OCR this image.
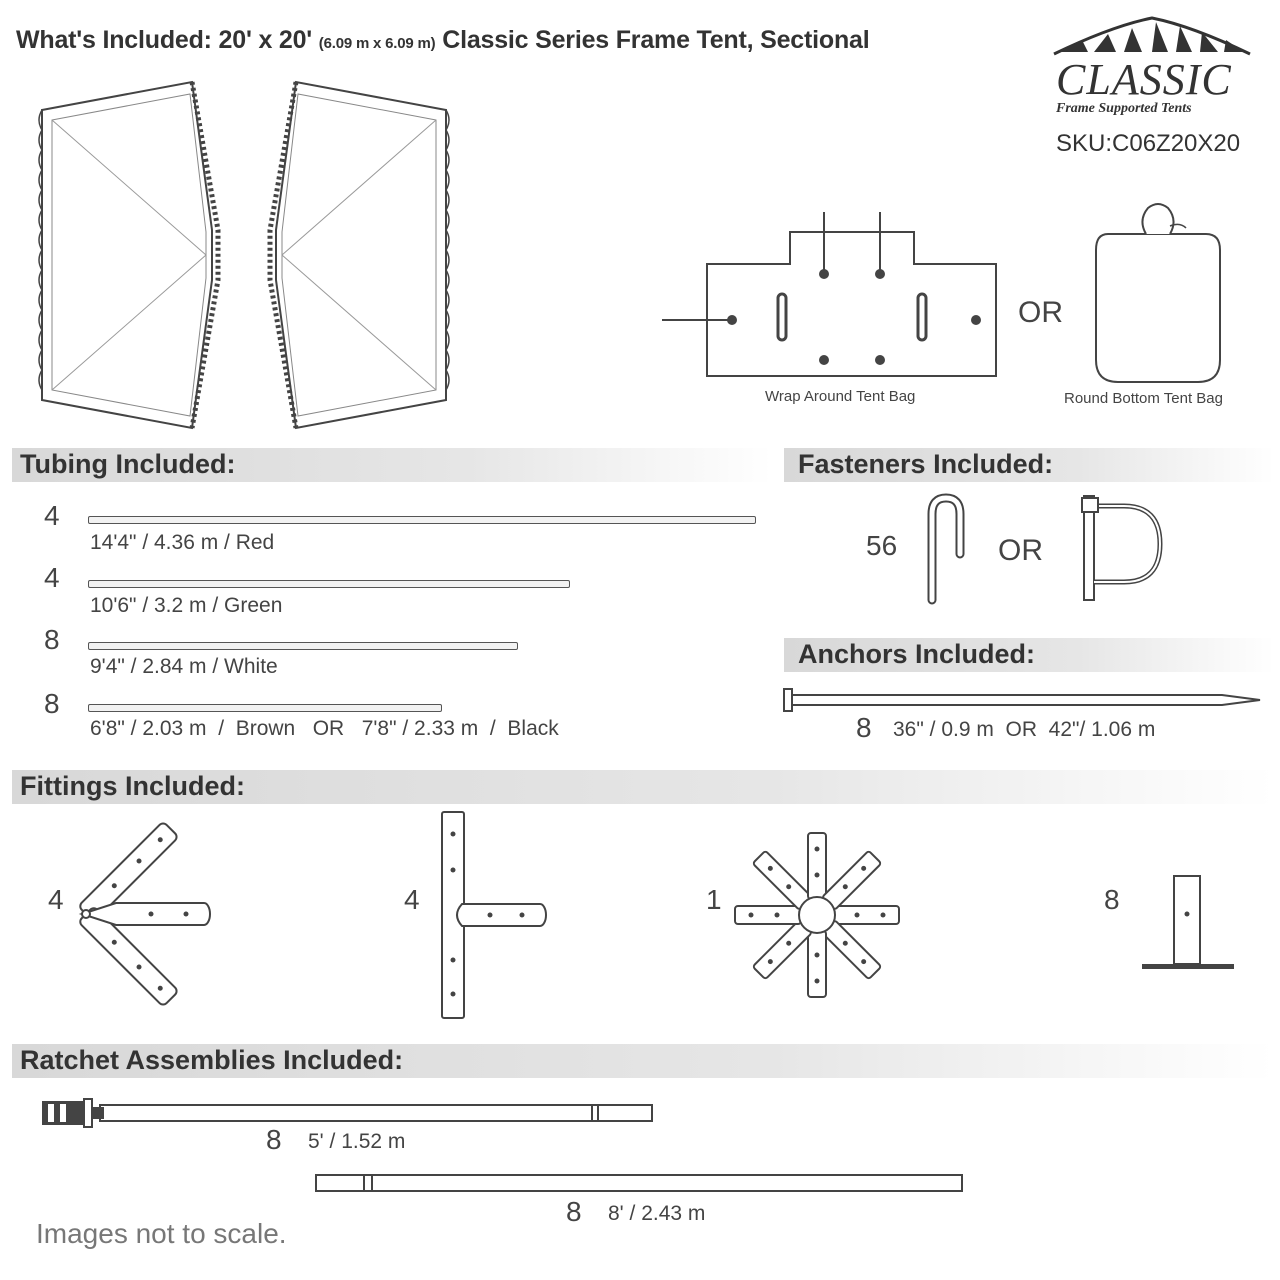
What's Included: 20' x 20' (6.09 m x 6.09 m) Classic Series Frame Tent, Sectional
CLASSIC
Frame Supported Tents
SKU:C06Z20X20
Wrap Around Tent Bag
OR
Round Bottom Tent Bag
Tubing Included:
4
14'4" / 4.36 m / Red
4
10'6" / 3.2 m / Green
8
9'4" / 2.84 m / White
8
6'8" / 2.03 m  /  Brown   OR   7'8" / 2.33 m  /  Black
Fasteners Included:
56	OR
Anchors Included:
8 36" / 0.9 m  OR  42"/ 1.06 m
Fittings Included:
4	4	1	8
Ratchet Assemblies Included:
8 5' / 1.52 m
8 8' / 2.43 m
Images not to scale.
